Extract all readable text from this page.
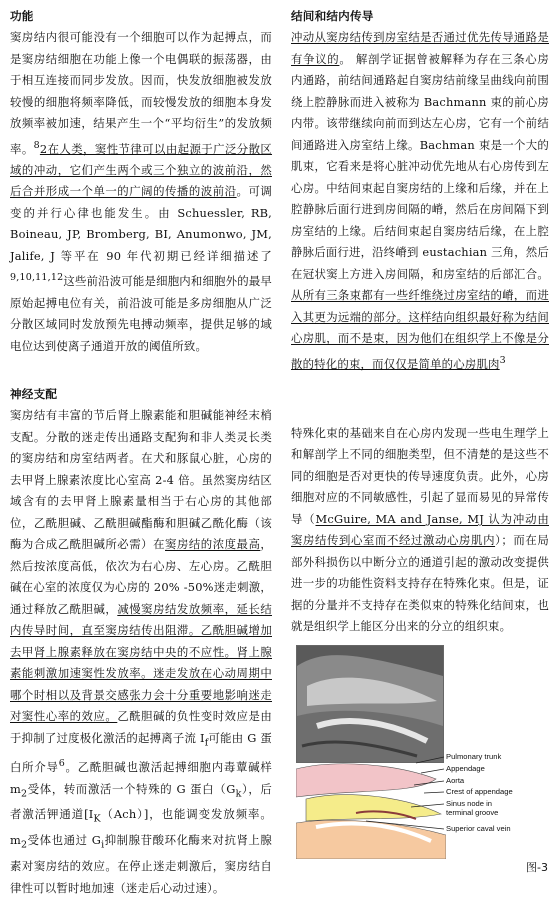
功能

窦房结内很可能没有一个细胞可以作为起搏点，而是窦房结细胞在功能上像一个电偶联的振荡器，由于相互连接而同步发放。因而，快发放细胞被发放较慢的细胞将频率降低，而较慢发放的细胞本身发放频率被加速，结果产生一个“平均衍生”的发放频率。$^8$2在人类，窦性节律可以由起源于广泛分散区域的冲动，它们产生两个或三个独立的波前沿，然后合并形成一个单一的广阔的传播的波前沿。可调变的并行心律也能发生。由 Schuessler, RB, Boineau, JP, Bromberg, BI, Anumonwo, JM, Jalife, J 等平在 90 年代初期已经详细描述了$^{9,10,11,12}$这些前沿波可能是细胞内和细胞外的最早原始起搏电位有关，前沿波可能是多房细胞从广泛分散区域同时发放预先电搏动频率，提供足够的域电位达到使离子通道开放的阈值所致。

神经支配

窦房结有丰富的节后肾上腺素能和胆碱能神经末梢支配。分散的迷走传出通路支配狗和非人类灵长类的窦房结和房室结两者。在犬和豚鼠心脏，心房的去甲肾上腺素浓度比心室高 2-4 倍。虽然窦房结区域含有的去甲肾上腺素量相当于右心房的其他部位，乙酰胆碱、乙酰胆碱酯酶和胆碱乙酰化酶（该酶为合成乙酰胆碱所必需）在窦房结的浓度最高，然后按浓度高低，依次为右心房、左心房。乙酰胆碱在心室的浓度仅为心房的 20% -50%迷走刺激，通过释放乙酰胆碱，减慢窦房结发放频率，延长结内传导时间，直至窦房结传出阻滞。乙酰胆碱增加去甲肾上腺素释放在窦房结中央的不应性。肾上腺素能刺激加速窦性发放率。迷走发放在心动周期中哪个时相以及背景交感张力会十分重要地影响迷走对窦性心率的效应。乙酰胆碱的负性变时效应是由于抑制了过度极化激活的起搏离子流 $I_f$可能由 G 蛋白所介导$^6$。乙酰胆碱也激活起搏细胞内毒蕈碱样 $m_2$受体，转而激活一个特殊的 G 蛋白$(G_k)$，后者激活钾通道$[I_K(Ach)]$，也能调变发放频率。$m_2$受体也通过 $G_i$抑制腺苷酸环化酶来对抗肾上腺素对窦房结的效应。在停止迷走刺激后，窦房结自律性可以暂时地加速（迷走后心动过速）。

结间和结内传导

冲动从窦房结传到房室结是否通过优先传导通路是有争议的。 解剖学证据曾被解释为存在三条心房内通路，前结间通路起自窦房结前缘呈曲线向前围绕上腔静脉而进入被称为 Bachmann 束的前心房内带。该带继续向前而到达左心房，它有一个前结间通路进入房室结上缘。Bachman 束是一个大的肌束，它看来是将心脏冲动优先地从右心房传到左心房。中结间束起自窦房结的上缘和后缘，并在上腔静脉后面行进到房间隔的嵴，然后在房间隔下到房室结的上缘。后结间束起自窦房结后缘，在上腔静脉后面行进，沿终嵴到 eustachian 三角，然后在冠状窦上方进入房间隔，和房室结的后部汇合。从所有三条束都有一些纤维绕过房室结的嵴，而进入其更为远端的部分。这样结向组织最好称为结间心房肌，而不是束，因为他们在组织学上不像是分散的特化的束，而仅仅是简单的心房肌肉$^3$

特殊化束的基础来自在心房内发现一些电生理学上和解剖学上不同的细胞类型，但不清楚的是这些不同的细胞是否对更快的传导速度负责。此外，心房细胞对应的不同敏感性，引起了显而易见的异常传导（McGuire, MA and Janse, MJ 认为冲动由窦房结传到心室而不经过激动心房肌内）；而在局部外科损伤以中断分立的通道引起的激动改变提供进一步的功能性资料支持存在特殊化束。但是，证据的分量并不支持存在类似束的特殊化结间束，也就是组织学上能区分出来的分立的组织束。

Pulmonary trunk
Appendage
Aorta
Crest of appendage
Sinus node in
terminal groove
Superior caval vein
图-3
